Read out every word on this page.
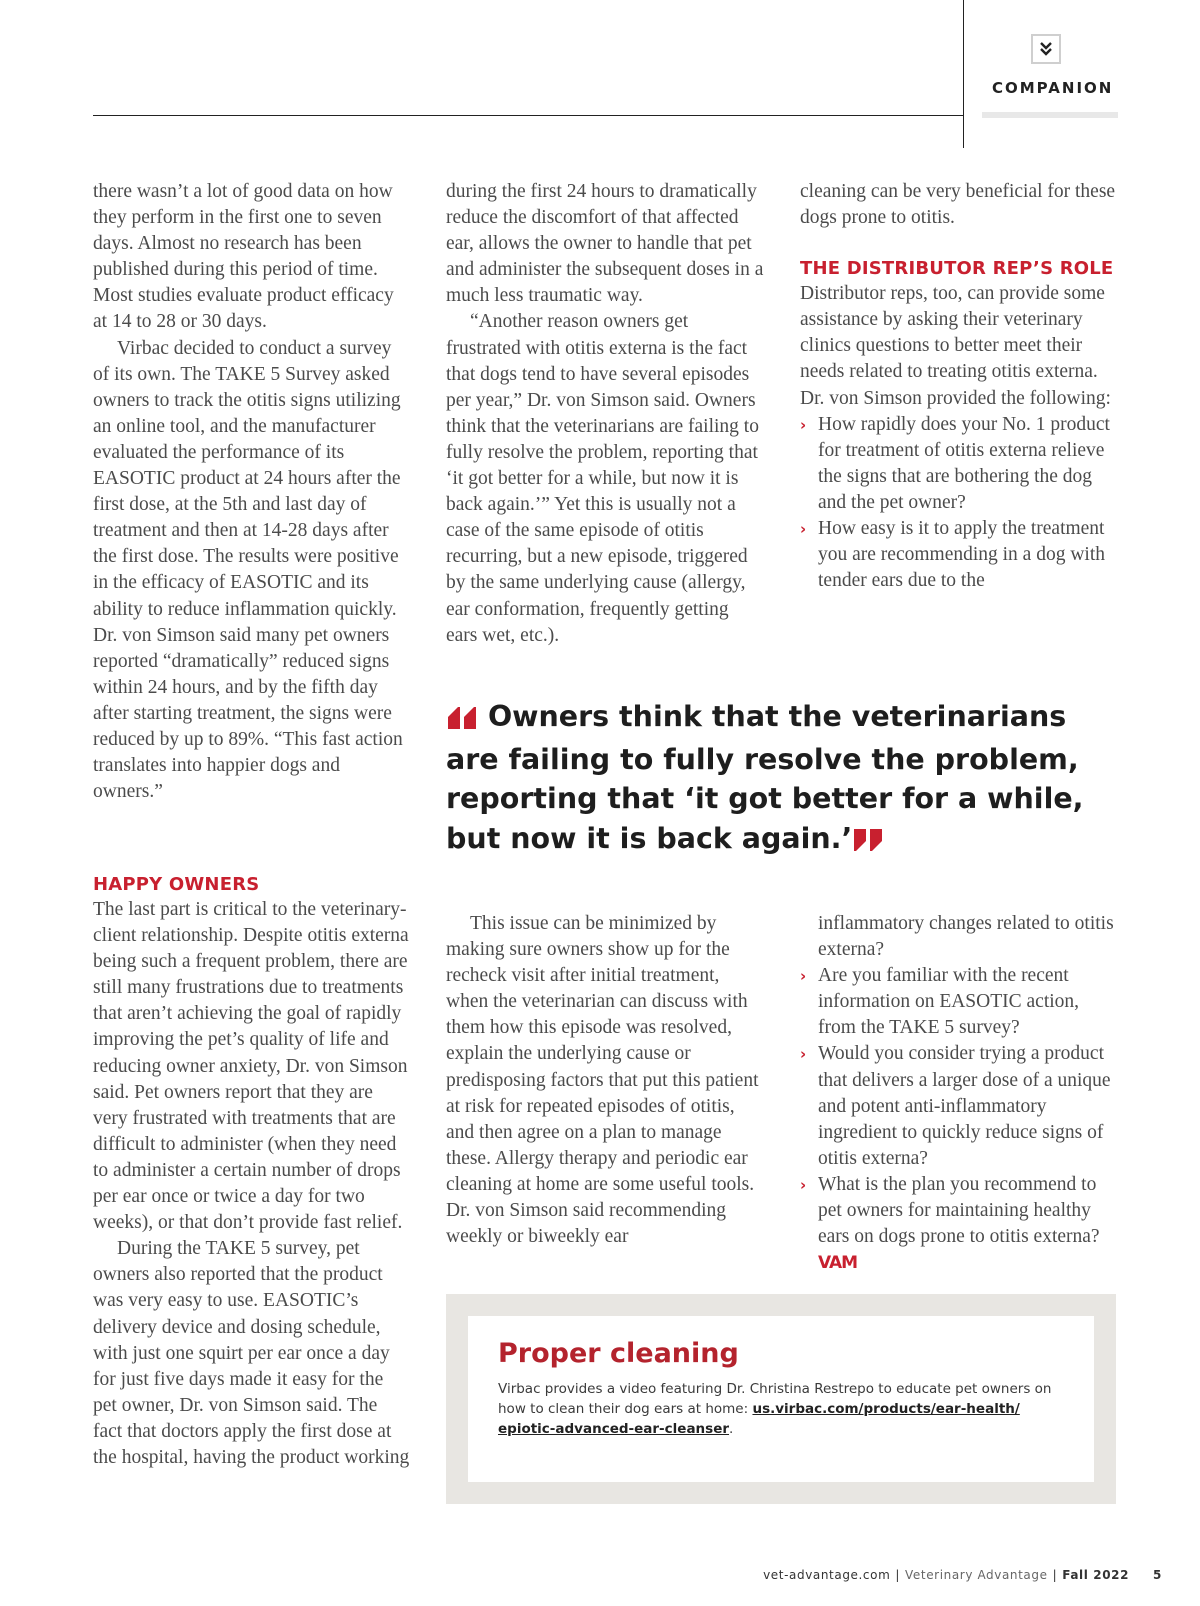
COMPANION

there wasn’t a lot of good data on how they perform in the first one to seven days. Almost no research has been published during this period of time. Most studies evaluate product efficacy at 14 to 28 or 30 days.

Virbac decided to conduct a survey of its own. The TAKE 5 Survey asked owners to track the otitis signs utilizing an online tool, and the manufacturer evaluated the performance of its EASOTIC product at 24 hours after the first dose, at the 5th and last day of treatment and then at 14-28 days after the first dose. The results were positive in the efficacy of EASOTIC and its ability to reduce inflammation quickly. Dr. von Simson said many pet owners reported “dramatically” reduced signs within 24 hours, and by the fifth day after starting treatment, the signs were reduced by up to 89%. “This fast action translates into happier dogs and owners.”

during the first 24 hours to dramatically reduce the discomfort of that affected ear, allows the owner to handle that pet and administer the subsequent doses in a much less traumatic way.

“Another reason owners get frustrated with otitis externa is the fact that dogs tend to have several episodes per year,” Dr. von Simson said. Owners think that the veterinarians are failing to fully resolve the problem, reporting that ‘it got better for a while, but now it is back again.’” Yet this is usually not a case of the same episode of otitis recurring, but a new episode, triggered by the same underlying cause (allergy, ear conformation, frequently getting ears wet, etc.).

cleaning can be very beneficial for these dogs prone to otitis.

THE DISTRIBUTOR REP’S ROLE

Distributor reps, too, can provide some assistance by asking their veterinary clinics questions to better meet their needs related to treating otitis externa. Dr. von Simson provided the following:

› How rapidly does your No. 1 product for treatment of otitis externa relieve the signs that are bothering the dog and the pet owner?
› How easy is it to apply the treatment you are recommending in a dog with tender ears due to the
Owners think that the veterinarians are failing to fully resolve the problem, reporting that ‘it got better for a while, but now it is back again.’
HAPPY OWNERS

The last part is critical to the veterinary-client relationship. Despite otitis externa being such a frequent problem, there are still many frustrations due to treatments that aren’t achieving the goal of rapidly improving the pet’s quality of life and reducing owner anxiety, Dr. von Simson said. Pet owners report that they are very frustrated with treatments that are difficult to administer (when they need to administer a certain number of drops per ear once or twice a day for two weeks), or that don’t provide fast relief.

During the TAKE 5 survey, pet owners also reported that the product was very easy to use. EASOTIC’s delivery device and dosing schedule, with just one squirt per ear once a day for just five days made it easy for the pet owner, Dr. von Simson said. The fact that doctors apply the first dose at the hospital, having the product working

This issue can be minimized by making sure owners show up for the recheck visit after initial treatment, when the veterinarian can discuss with them how this episode was resolved, explain the underlying cause or predisposing factors that put this patient at risk for repeated episodes of otitis, and then agree on a plan to manage these. Allergy therapy and periodic ear cleaning at home are some useful tools. Dr. von Simson said recommending weekly or biweekly ear

inflammatory changes related to otitis externa?
› Are you familiar with the recent information on EASOTIC action, from the TAKE 5 survey?
› Would you consider trying a product that delivers a larger dose of a unique and potent anti-inflammatory ingredient to quickly reduce signs of otitis externa?
› What is the plan you recommend to pet owners for maintaining healthy ears on dogs prone to otitis externa? VAM
Proper cleaning
Virbac provides a video featuring Dr. Christina Restrepo to educate pet owners on how to clean their dog ears at home: us.virbac.com/products/ear-health/ epiotic-advanced-ear-cleanser.
vet-advantage.com | Veterinary Advantage | Fall 2022 5
